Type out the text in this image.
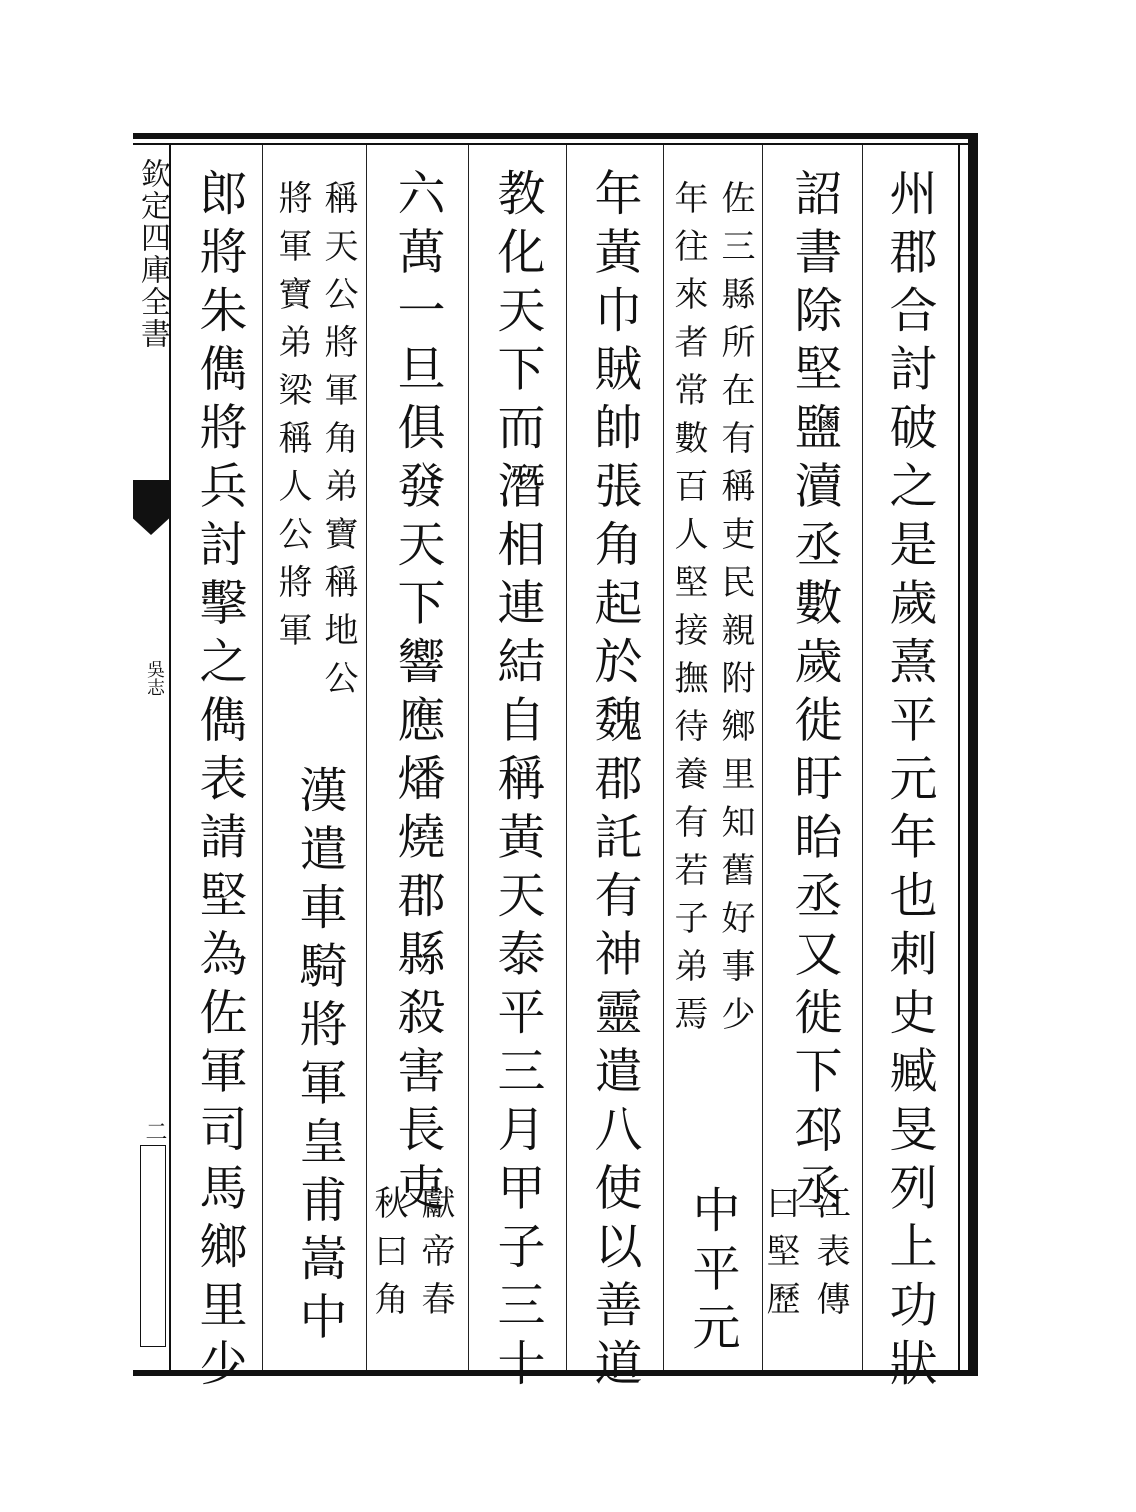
欽定四庫全書
吳志
二	州郡合討破之是歲熹平元年也刺史臧旻列上功狀
詔書除堅鹽瀆丞數歲徙盱眙丞又徙下邳丞
江表傳
曰堅歷
佐三縣所在有稱吏民親附鄉里知舊好事少
年往來者常數百人堅接撫待養有若子弟焉
中平元
年黃巾賊帥張角起於魏郡託有神靈遣八使以善道
教化天下而潛相連結自稱黃天泰平三月甲子三十
六萬一旦俱發天下響應燔燒郡縣殺害長吏
獻帝春
秋曰角
稱天公將軍角弟寶稱地公
將軍寶弟梁稱人公將軍
漢遣車騎將軍皇甫嵩中
郎將朱儁將兵討擊之儁表請堅為佐軍司馬鄉里少
